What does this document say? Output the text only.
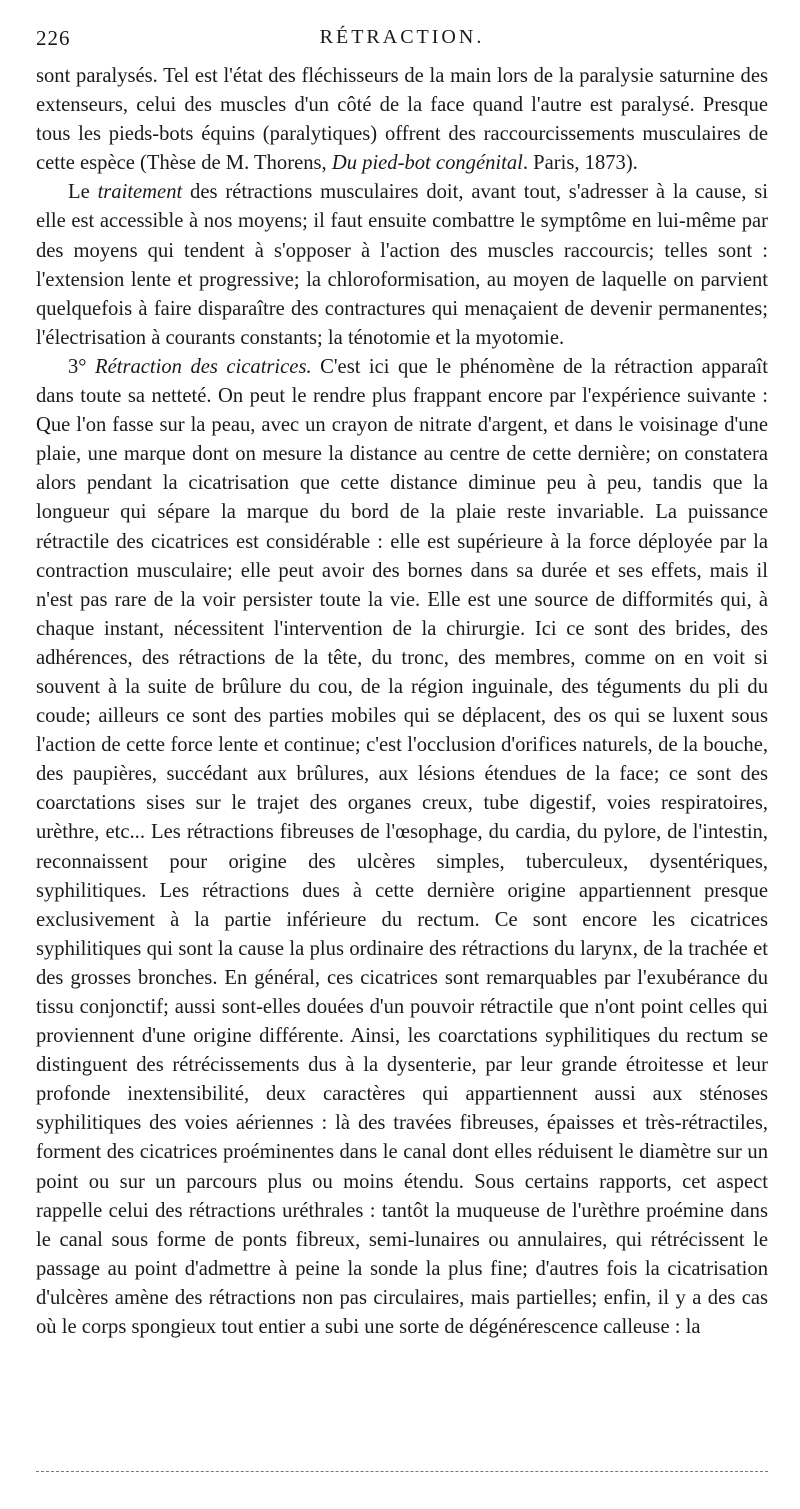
226	RÉTRACTION.

sont paralysés. Tel est l'état des fléchisseurs de la main lors de la paralysie saturnine des extenseurs, celui des muscles d'un côté de la face quand l'autre est paralysé. Presque tous les pieds-bots équins (paralytiques) offrent des raccourcissements musculaires de cette espèce (Thèse de M. Thorens, Du pied-bot congénital. Paris, 1873).

Le traitement des rétractions musculaires doit, avant tout, s'adresser à la cause, si elle est accessible à nos moyens; il faut ensuite combattre le symptôme en lui-même par des moyens qui tendent à s'opposer à l'action des muscles raccourcis; telles sont : l'extension lente et progressive; la chloroformisation, au moyen de laquelle on parvient quelquefois à faire disparaître des contractures qui menaçaient de devenir permanentes; l'électrisation à courants constants; la ténotomie et la myotomie.

3° Rétraction des cicatrices. C'est ici que le phénomène de la rétraction apparaît dans toute sa netteté. On peut le rendre plus frappant encore par l'expérience suivante : Que l'on fasse sur la peau, avec un crayon de nitrate d'argent, et dans le voisinage d'une plaie, une marque dont on mesure la distance au centre de cette dernière; on constatera alors pendant la cicatrisation que cette distance diminue peu à peu, tandis que la longueur qui sépare la marque du bord de la plaie reste invariable. La puissance rétractile des cicatrices est considérable : elle est supérieure à la force déployée par la contraction musculaire; elle peut avoir des bornes dans sa durée et ses effets, mais il n'est pas rare de la voir persister toute la vie. Elle est une source de difformités qui, à chaque instant, nécessitent l'intervention de la chirurgie. Ici ce sont des brides, des adhérences, des rétractions de la tête, du tronc, des membres, comme on en voit si souvent à la suite de brûlure du cou, de la région inguinale, des téguments du pli du coude; ailleurs ce sont des parties mobiles qui se déplacent, des os qui se luxent sous l'action de cette force lente et continue; c'est l'occlusion d'orifices naturels, de la bouche, des paupières, succédant aux brûlures, aux lésions étendues de la face; ce sont des coarctations sises sur le trajet des organes creux, tube digestif, voies respiratoires, urèthre, etc... Les rétractions fibreuses de l'œsophage, du cardia, du pylore, de l'intestin, reconnaissent pour origine des ulcères simples, tuberculeux, dysentériques, syphilitiques. Les rétractions dues à cette dernière origine appartiennent presque exclusivement à la partie inférieure du rectum. Ce sont encore les cicatrices syphilitiques qui sont la cause la plus ordinaire des rétractions du larynx, de la trachée et des grosses bronches. En général, ces cicatrices sont remarquables par l'exubérance du tissu conjonctif; aussi sont-elles douées d'un pouvoir rétractile que n'ont point celles qui proviennent d'une origine différente. Ainsi, les coarctations syphilitiques du rectum se distinguent des rétrécissements dus à la dysenterie, par leur grande étroitesse et leur profonde inextensibilité, deux caractères qui appartiennent aussi aux sténoses syphilitiques des voies aériennes : là des travées fibreuses, épaisses et très-rétractiles, forment des cicatrices proéminentes dans le canal dont elles réduisent le diamètre sur un point ou sur un parcours plus ou moins étendu. Sous certains rapports, cet aspect rappelle celui des rétractions uréthrales : tantôt la muqueuse de l'urèthre proémine dans le canal sous forme de ponts fibreux, semi-lunaires ou annulaires, qui rétrécissent le passage au point d'admettre à peine la sonde la plus fine; d'autres fois la cicatrisation d'ulcères amène des rétractions non pas circulaires, mais partielles; enfin, il y a des cas où le corps spongieux tout entier a subi une sorte de dégénérescence calleuse : la
